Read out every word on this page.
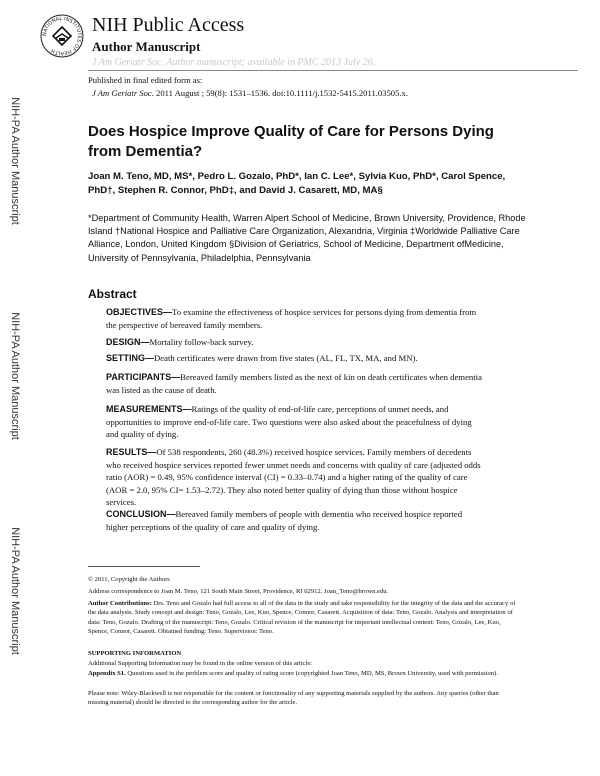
NATIONAL INSTITUTES OF HEALTH
NIH Public Access
Author Manuscript
J Am Geriatr Soc. Author manuscript; available in PMC 2013 July 26.
Published in final edited form as:
J Am Geriatr Soc. 2011 August ; 59(8): 1531–1536. doi:10.1111/j.1532-5415.2011.03505.x.
NIH-PA Author Manuscript
NIH-PA Author Manuscript
NIH-PA Author Manuscript
Does Hospice Improve Quality of Care for Persons Dying from Dementia?
Joan M. Teno, MD, MS*, Pedro L. Gozalo, PhD*, Ian C. Lee*, Sylvia Kuo, PhD*, Carol Spence, PhD†, Stephen R. Connor, PhD‡, and David J. Casarett, MD, MA§
*Department of Community Health, Warren Alpert School of Medicine, Brown University, Providence, Rhode Island †National Hospice and Palliative Care Organization, Alexandria, Virginia ‡Worldwide Palliative Care Alliance, London, United Kingdom §Division of Geriatrics, School of Medicine, Department ofMedicine, University of Pennsylvania, Philadelphia, Pennsylvania
Abstract
OBJECTIVES—To examine the effectiveness of hospice services for persons dying from dementia from the perspective of bereaved family members.
DESIGN—Mortality follow-back survey.
SETTING—Death certificates were drawn from five states (AL, FL, TX, MA, and MN).
PARTICIPANTS—Bereaved family members listed as the next of kin on death certificates when dementia was listed as the cause of death.
MEASUREMENTS—Ratings of the quality of end-of-life care, perceptions of unmet needs, and opportunities to improve end-of-life care. Two questions were also asked about the peacefulness of dying and quality of dying.
RESULTS—Of 538 respondents, 260 (48.3%) received hospice services. Family members of decedents who received hospice services reported fewer unmet needs and concerns with quality of care (adjusted odds ratio (AOR) = 0.49, 95% confidence interval (CI) = 0.33–0.74) and a higher rating of the quality of care (AOR = 2.0, 95% CI= 1.53–2.72). They also noted better quality of dying than those without hospice services.
CONCLUSION—Bereaved family members of people with dementia who received hospice reported higher perceptions of the quality of care and quality of dying.
© 2011, Copyright the Authors
Address correspondence to Joan M. Teno, 121 South Main Street, Providence, RI 02912. Joan_Teno@brown.edu.
Author Contributions: Drs. Teno and Gozalo had full access to all of the data in the study and take responsibility for the integrity of the data and the accuracy of the data analysis. Study concept and design: Teno, Gozalo, Lee, Kuo, Spence, Connor, Casarett. Acquisition of data: Teno, Gozalo. Analysis and interpretation of data: Teno, Gozalo. Drafting of the manuscript: Teno, Gozalo. Critical revision of the manuscript for important intellectual content: Teno, Gozalo, Lee, Kuo, Spence, Connor, Casarett. Obtained funding: Teno. Supervision: Teno.
SUPPORTING INFORMATION
Additional Supporting Information may be found in the online version of this article:
Appendix S1. Questions used in the problem score and quality of rating score (copyrighted Joan Teno, MD, MS, Brown University, used with permission).
Please note: Wiley-Blackwell is not responsible for the content or functionality of any supporting materials supplied by the authors. Any queries (other than missing material) should be directed to the corresponding author for the article.
